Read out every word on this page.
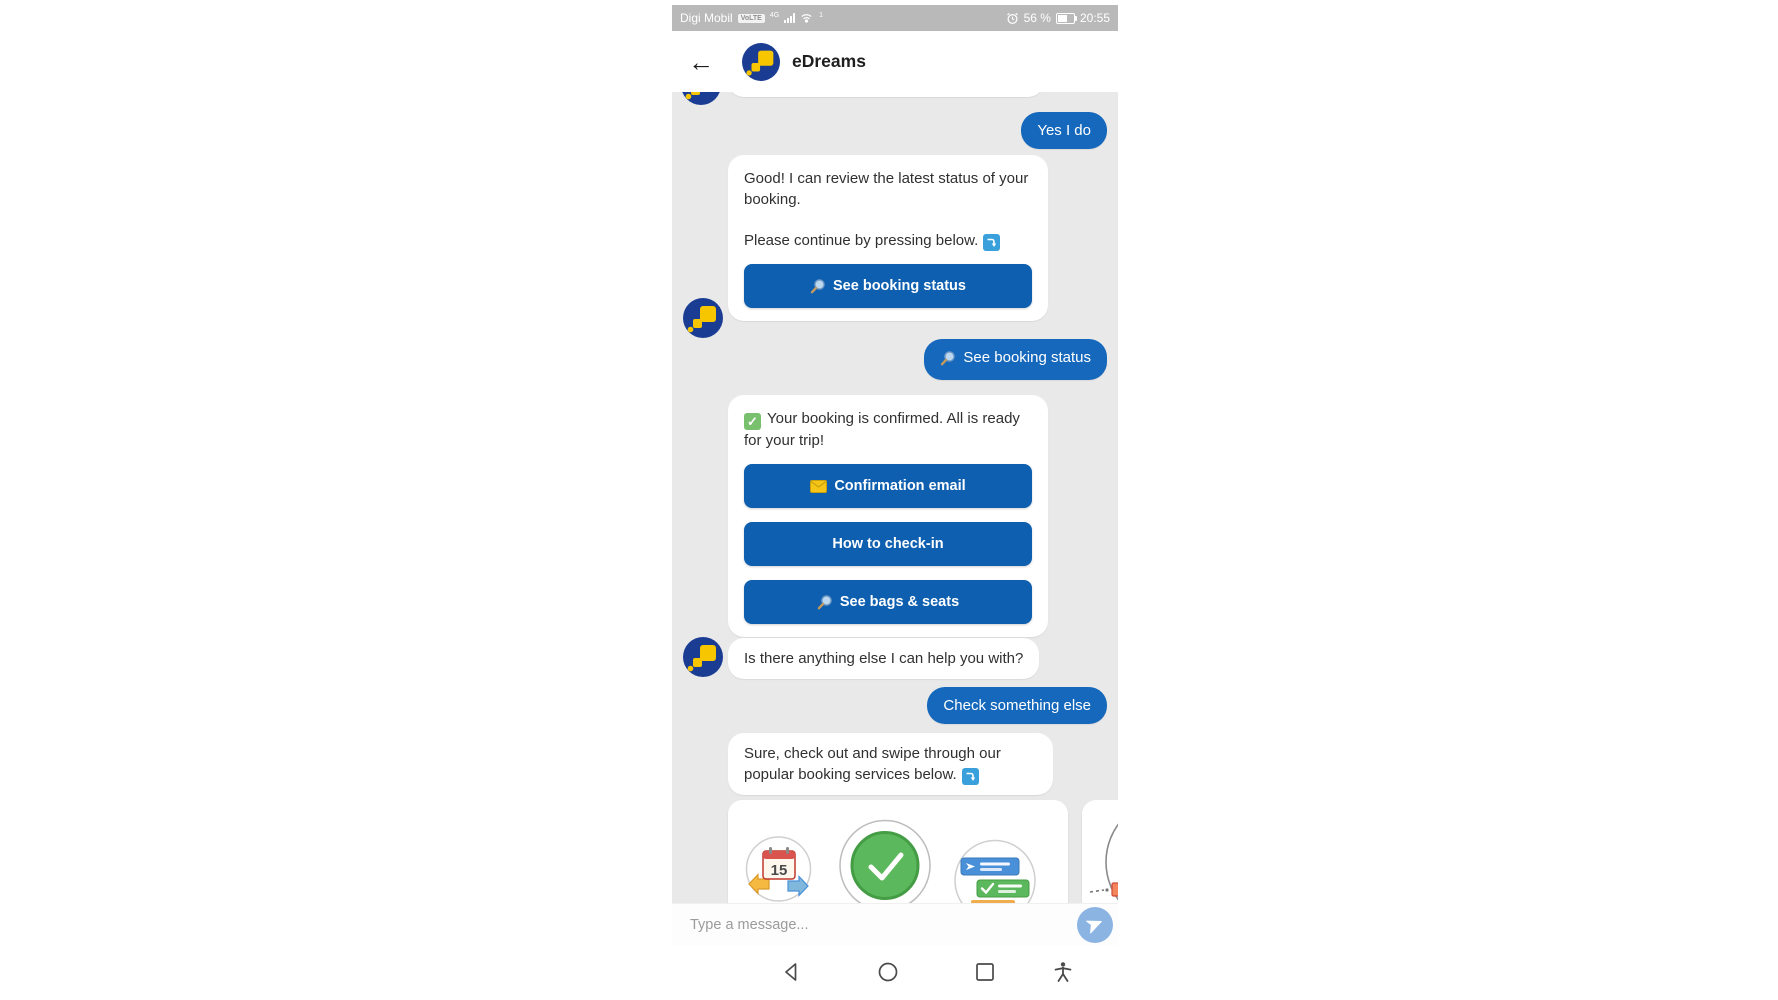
Digi Mobil	VoLTE	4G	1	56 % 20:55
←	eDreams
Yes I do
Good! I can review the latest status of your booking.
Please continue by pressing below.
See booking status
See booking status
✓ Your booking is confirmed. All is ready for your trip!
Confirmation email
How to check-in
See bags & seats
Is there anything else I can help you with?
Check something else
Sure, check out and swipe through our popular booking services below.
15
Type a message...
